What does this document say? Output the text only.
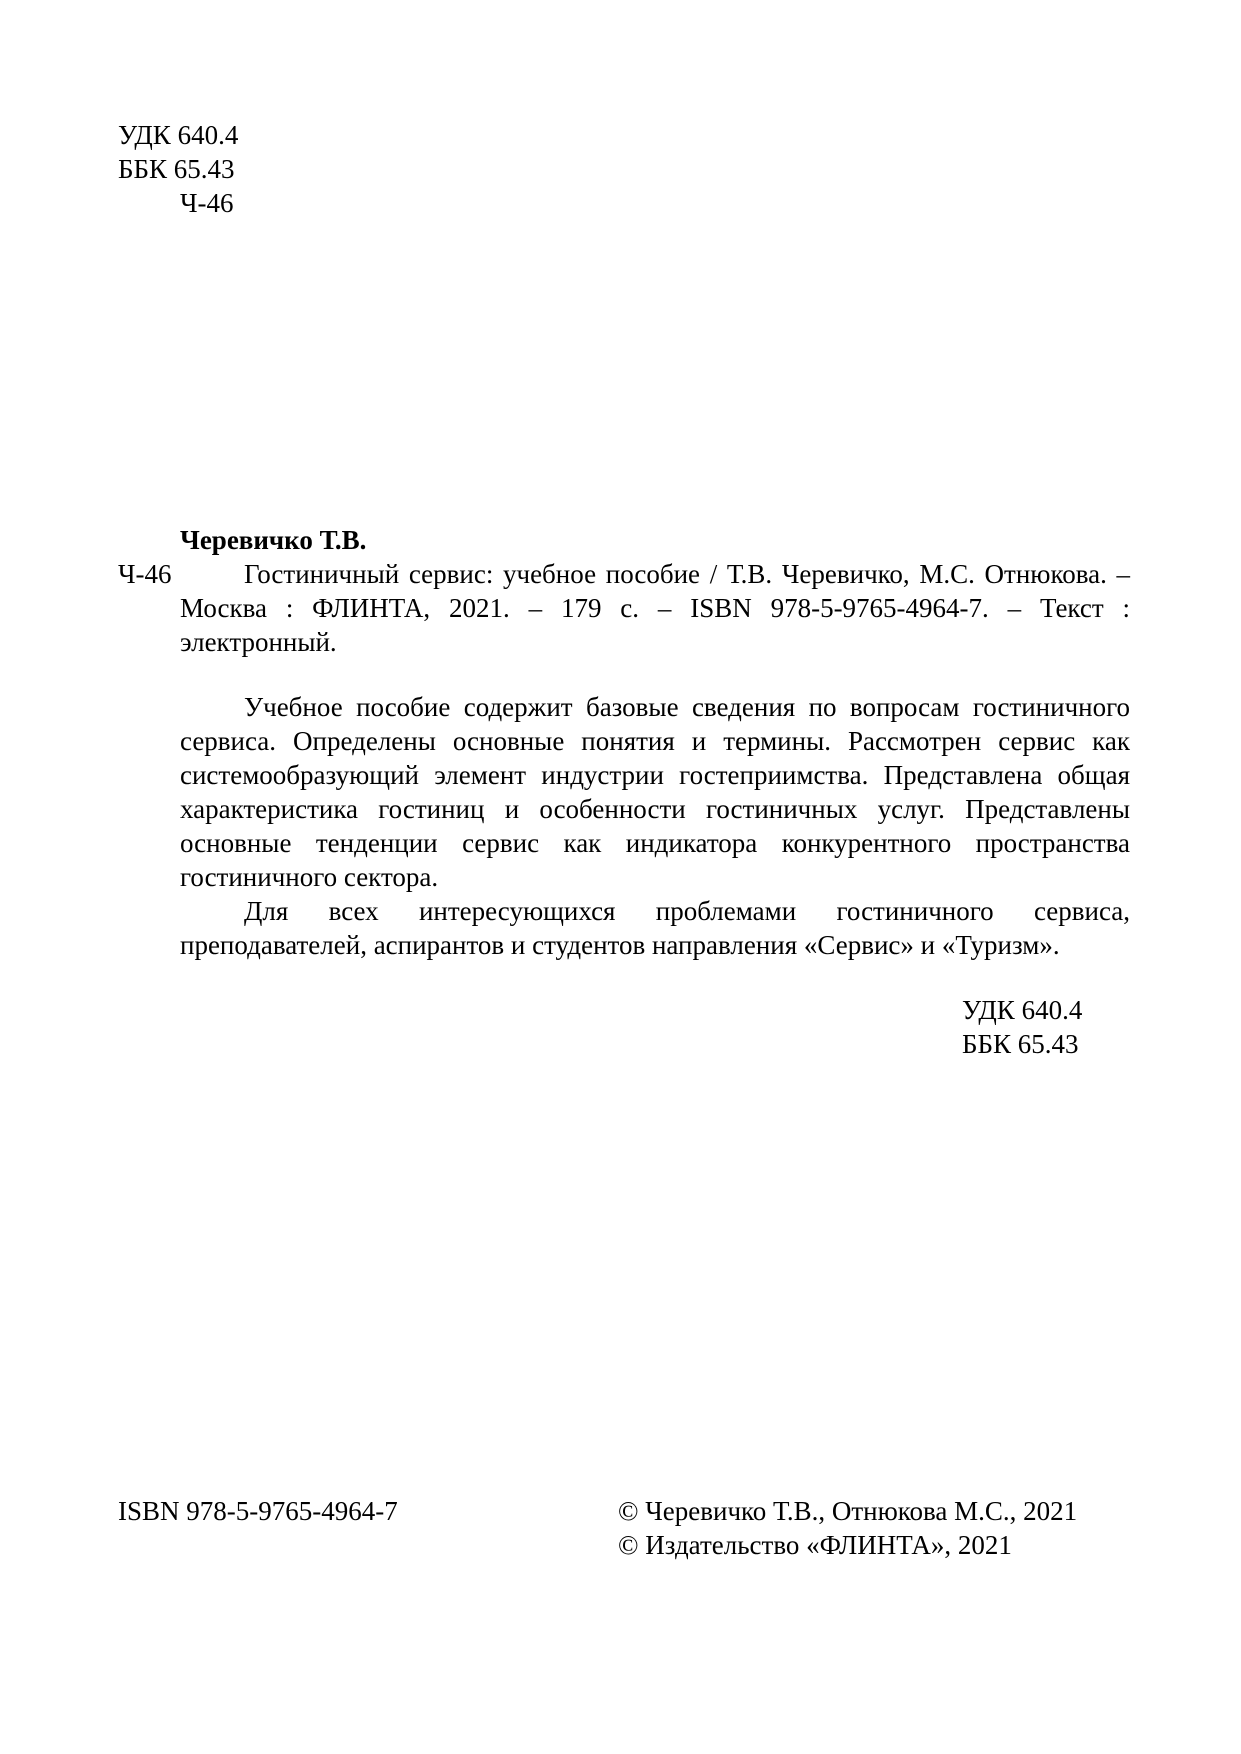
УДК 640.4
ББК 65.43
Ч-46
Черевичко Т.В.
Ч-46	Гостиничный сервис: учебное пособие / Т.В. Черевичко, М.С. Отнюкова. – Москва : ФЛИНТА, 2021. – 179 с. – ISBN 978-5-9765-4964-7. – Текст : электронный.

Учебное пособие содержит базовые сведения по вопросам гостиничного сервиса. Определены основные понятия и термины. Рассмотрен сервис как системообразующий элемент индустрии гостеприимства. Представлена общая характеристика гостиниц и особенности гостиничных услуг. Представлены основные тенденции сервис как индикатора конкурентного пространства гостиничного сектора.

Для всех интересующихся проблемами гостиничного сервиса, преподавателей, аспирантов и студентов направления «Сервис» и «Туризм».

УДК 640.4
ББК 65.43
ISBN 978-5-9765-4964-7	© Черевичко Т.В., Отнюкова М.С., 2021
© Издательство «ФЛИНТА», 2021
